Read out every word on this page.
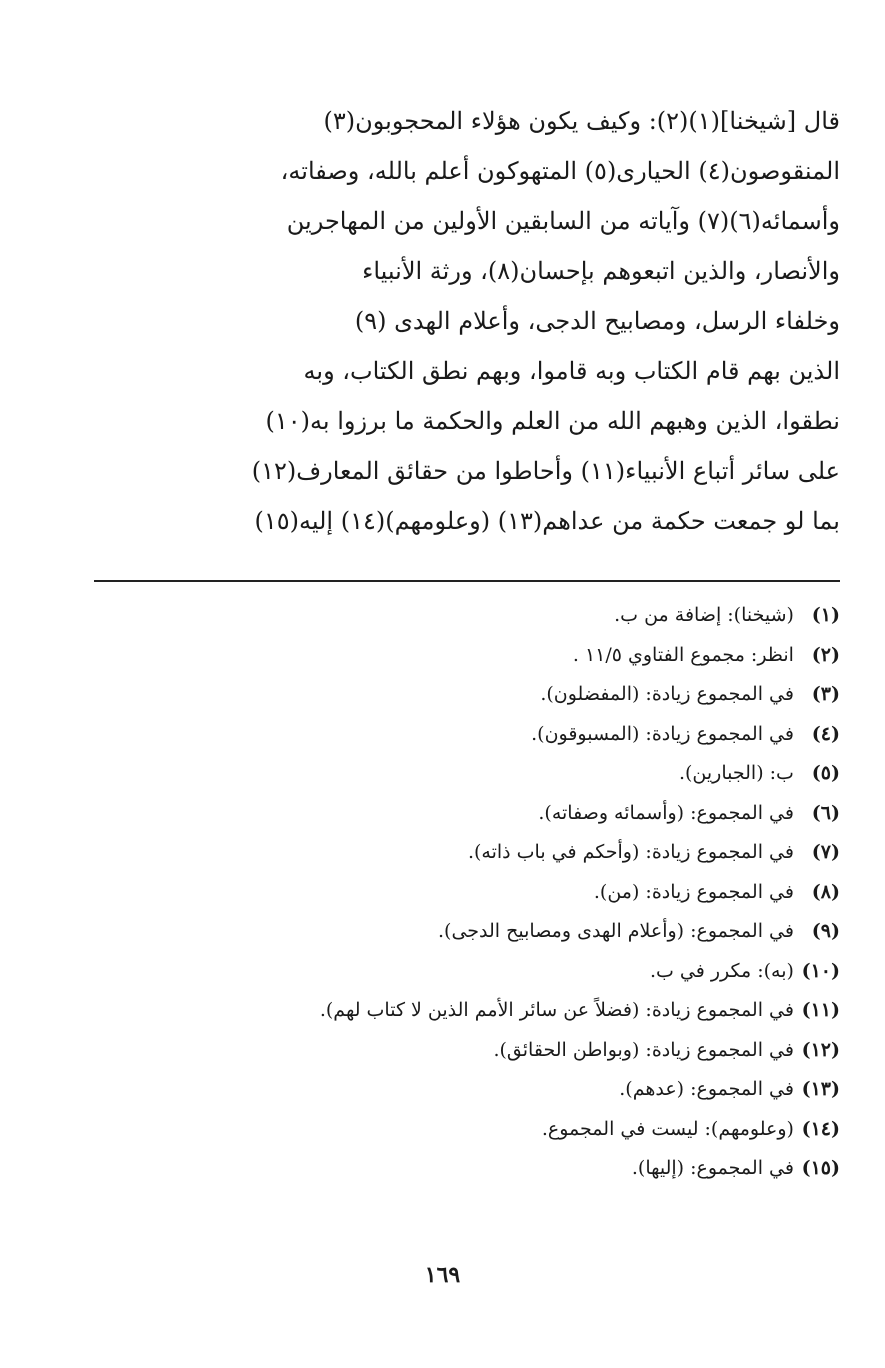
قال [شيخنا](١)(٢): وكيف يكون هؤلاء المحجوبون(٣)
المنقوصون(٤) الحيارى(٥) المتهوكون أعلم بالله، وصفاته،
وأسمائه(٦)(٧) وآياته من السابقين الأولين من المهاجرين
والأنصار، والذين اتبعوهم بإحسان(٨)، ورثة الأنبياء
وخلفاء الرسل، ومصابيح الدجى، وأعلام الهدى (٩)
الذين بهم قام الكتاب وبه قاموا، وبهم نطق الكتاب، وبه
نطقوا، الذين وهبهم الله من العلم والحكمة ما برزوا به(١٠)
على سائر أتباع الأنبياء(١١) وأحاطوا من حقائق المعارف(١٢)
بما لو جمعت حكمة من عداهم(١٣) (وعلومهم)(١٤) إليه(١٥)
(١) (شيخنا): إضافة من ب.
(٢) انظر: مجموع الفتاوي ١١/٥ .
(٣) في المجموع زيادة: (المفضلون).
(٤) في المجموع زيادة: (المسبوقون).
(٥) ب: (الجبارين).
(٦) في المجموع: (وأسمائه وصفاته).
(٧) في المجموع زيادة: (وأحكم في باب ذاته).
(٨) في المجموع زيادة: (من).
(٩) في المجموع: (وأعلام الهدى ومصابيح الدجى).
(١٠) (به): مكرر في ب.
(١١) في المجموع زيادة: (فضلاً عن سائر الأمم الذين لا كتاب لهم).
(١٢) في المجموع زيادة: (وبواطن الحقائق).
(١٣) في المجموع: (عدهم).
(١٤) (وعلومهم): ليست في المجموع.
(١٥) في المجموع: (إليها).
١٦٩
